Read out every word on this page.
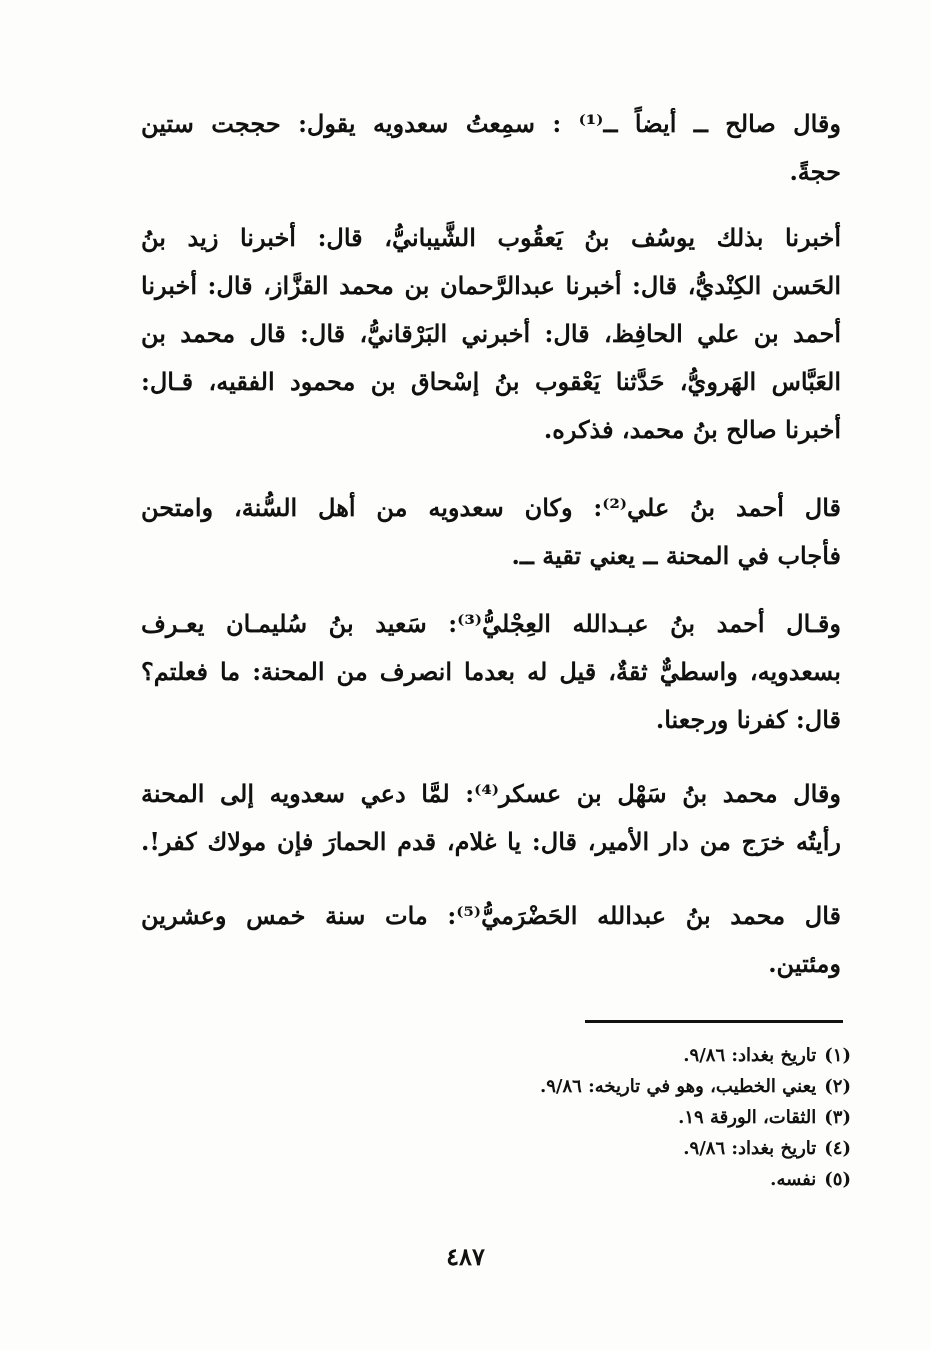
وقال صالح ــ أيضاً ــ⁽¹⁾ : سمِعتُ سعدويه يقول: حججت ستين
حجةً.
أخبرنا بذلك يوسُف بنُ يَعقُوب الشَّيبانيُّ، قال: أخبرنا زيد بنُ
الحَسن الكِنْديُّ، قال: أخبرنا عبدالرَّحمان بن محمد القزَّاز، قال: أخبرنا
أحمد بن علي الحافِظ، قال: أخبرني البَرْقانيُّ، قال: قال محمد بن
العَبَّاس الهَرويُّ، حَدَّثنا يَعْقوب بنُ إسْحاق بن محمود الفقيه، قـال:
أخبرنا صالح بنُ محمد، فذكره.
قال أحمد بنُ علي⁽²⁾: وكان سعدويه من أهل السُّنة، وامتحن
فأجاب في المحنة ــ يعني تقية ــ.
وقـال أحمد بنُ عبـدالله العِجْليُّ⁽³⁾: سَعيد بنُ سُليمـان يعـرف
بسعدويه، واسطيٌّ ثقةٌ، قيل له بعدما انصرف من المحنة: ما فعلتم؟
قال: كفرنا ورجعنا.
وقال محمد بنُ سَهْل بن عسكر⁽⁴⁾: لمَّا دعي سعدويه إلى المحنة
رأيتُه خرَج من دار الأمير، قال: يا غلام، قدم الحمارَ فإن مولاك كفر!.
قال محمد بنُ عبدالله الحَضْرَميُّ⁽⁵⁾: مات سنة خمس وعشرين
ومئتين.
(١)تاريخ بغداد: ٩/٨٦.
(٢)يعني الخطيب، وهو في تاريخه: ٩/٨٦.
(٣)الثقات، الورقة ١٩.
(٤)تاريخ بغداد: ٩/٨٦.
(٥)نفسه.
٤٨٧
